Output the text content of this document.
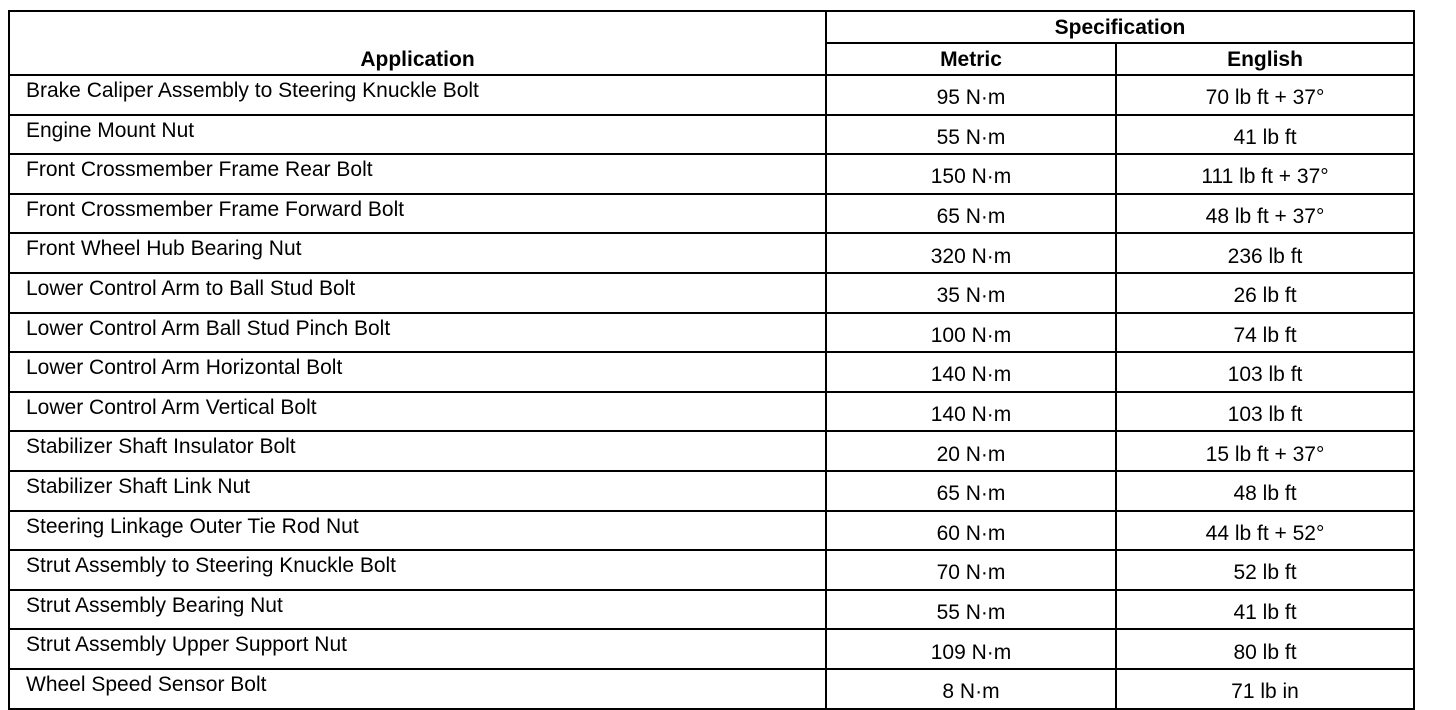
Application	Specification	
	Metric	English
Brake Caliper Assembly to Steering Knuckle Bolt	95 N·m	70 lb ft + 37°
Engine Mount Nut	55 N·m	41 lb ft
Front Crossmember Frame Rear Bolt	150 N·m	111 lb ft + 37°
Front Crossmember Frame Forward Bolt	65 N·m	48 lb ft + 37°
Front Wheel Hub Bearing Nut	320 N·m	236 lb ft
Lower Control Arm to Ball Stud Bolt	35 N·m	26 lb ft
Lower Control Arm Ball Stud Pinch Bolt	100 N·m	74 lb ft
Lower Control Arm Horizontal Bolt	140 N·m	103 lb ft
Lower Control Arm Vertical Bolt	140 N·m	103 lb ft
Stabilizer Shaft Insulator Bolt	20 N·m	15 lb ft + 37°
Stabilizer Shaft Link Nut	65 N·m	48 lb ft
Steering Linkage Outer Tie Rod Nut	60 N·m	44 lb ft + 52°
Strut Assembly to Steering Knuckle Bolt	70 N·m	52 lb ft
Strut Assembly Bearing Nut	55 N·m	41 lb ft
Strut Assembly Upper Support Nut	109 N·m	80 lb ft
Wheel Speed Sensor Bolt	8 N·m	71 lb in
